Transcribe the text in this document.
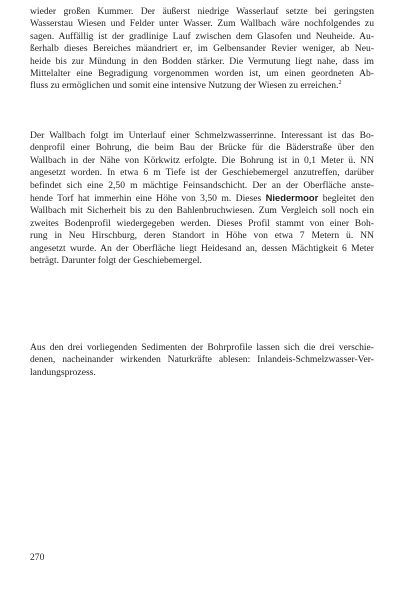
wieder großen Kummer. Der äußerst niedrige Wasserlauf setzte bei geringsten
Wasserstau Wiesen und Felder unter Wasser. Zum Wallbach wäre nochfolgendes zu
sagen. Auffällig ist der gradlinige Lauf zwischen dem Glasofen und Neuheide. Au-
ßerhalb dieses Bereiches mäandriert er, im Gelbensander Revier weniger, ab Neu-
heide bis zur Mündung in den Bodden stärker. Die Vermutung liegt nahe, dass im
Mittelalter eine Begradigung vorgenommen worden ist, um einen geordneten Ab-
fluss zu ermöglichen und somit eine intensive Nutzung der Wiesen zu erreichen.$^2$
Der Wallbach folgt im Unterlauf einer Schmelzwasserrinne. Interessant ist das Bo-
denprofil einer Bohrung, die beim Bau der Brücke für die Bäderstraße über den
Wallbach in der Nähe von Körkwitz erfolgte. Die Bohrung ist in 0,1 Meter ü. NN
angesetzt worden. In etwa 6 m Tiefe ist der Geschiebemergel anzutreffen, darüber
befindet sich eine 2,50 m mächtige Feinsandschicht. Der an der Oberfläche anste-
hende Torf hat immerhin eine Höhe von 3,50 m. Dieses Niedermoor begleitet den
Wallbach mit Sicherheit bis zu den Bahlenbruchwiesen. Zum Vergleich soll noch ein
zweites Bodenprofil wiedergegeben werden. Dieses Profil stammt von einer Boh-
rung in Neu Hirschburg, deren Standort in Höhe von etwa 7 Metern ü. NN
angesetzt wurde. An der Oberfläche liegt Heidesand an, dessen Mächtigkeit 6 Meter
beträgt. Darunter folgt der Geschiebemergel.
Aus den drei vorliegenden Sedimenten der Bohrprofile lassen sich die drei verschie-
denen, nacheinander wirkenden Naturkräfte ablesen: Inlandeis-Schmelzwasser-Ver-
landungsprozess.
270
